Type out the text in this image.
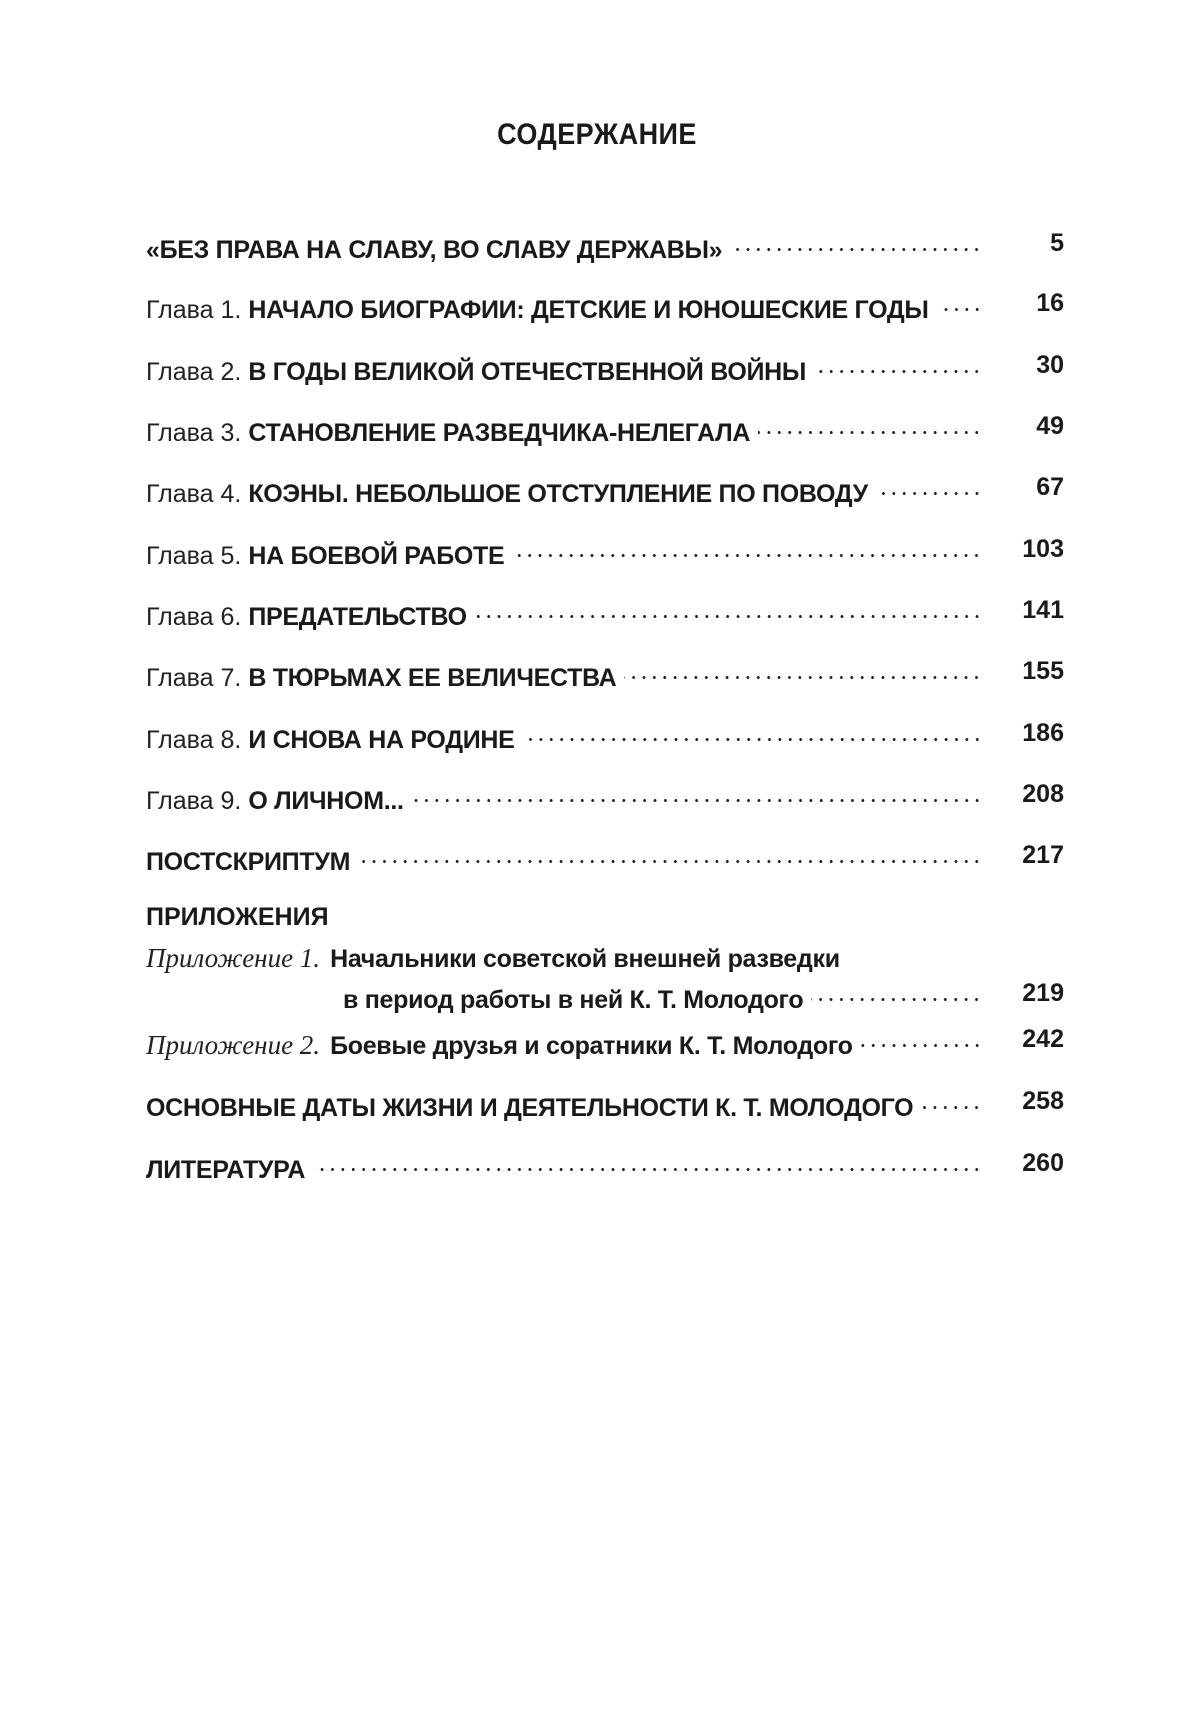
СОДЕРЖАНИЕ
«БЕЗ ПРАВА НА СЛАВУ, ВО СЛАВУ ДЕРЖАВЫ»	5
Глава 1. НАЧАЛО БИОГРАФИИ: ДЕТСКИЕ И ЮНОШЕСКИЕ ГОДЫ	16
Глава 2. В ГОДЫ ВЕЛИКОЙ ОТЕЧЕСТВЕННОЙ ВОЙНЫ	30
Глава 3. СТАНОВЛЕНИЕ РАЗВЕДЧИКА-НЕЛЕГАЛА	49
Глава 4. КОЭНЫ. НЕБОЛЬШОЕ ОТСТУПЛЕНИЕ ПО ПОВОДУ	67
Глава 5. НА БОЕВОЙ РАБОТЕ	103
Глава 6. ПРЕДАТЕЛЬСТВО	141
Глава 7. В ТЮРЬМАХ ЕЕ ВЕЛИЧЕСТВА	155
Глава 8. И СНОВА НА РОДИНЕ	186
Глава 9. О ЛИЧНОМ...	208
ПОСТСКРИПТУМ	217
ПРИЛОЖЕНИЯ
Приложение 1. Начальники советской внешней разведки
в период работы в ней К. Т. Молодого	219
Приложение 2. Боевые друзья и соратники К. Т. Молодого	242
ОСНОВНЫЕ ДАТЫ ЖИЗНИ И ДЕЯТЕЛЬНОСТИ К. Т. МОЛОДОГО	258
ЛИТЕРАТУРА	260
